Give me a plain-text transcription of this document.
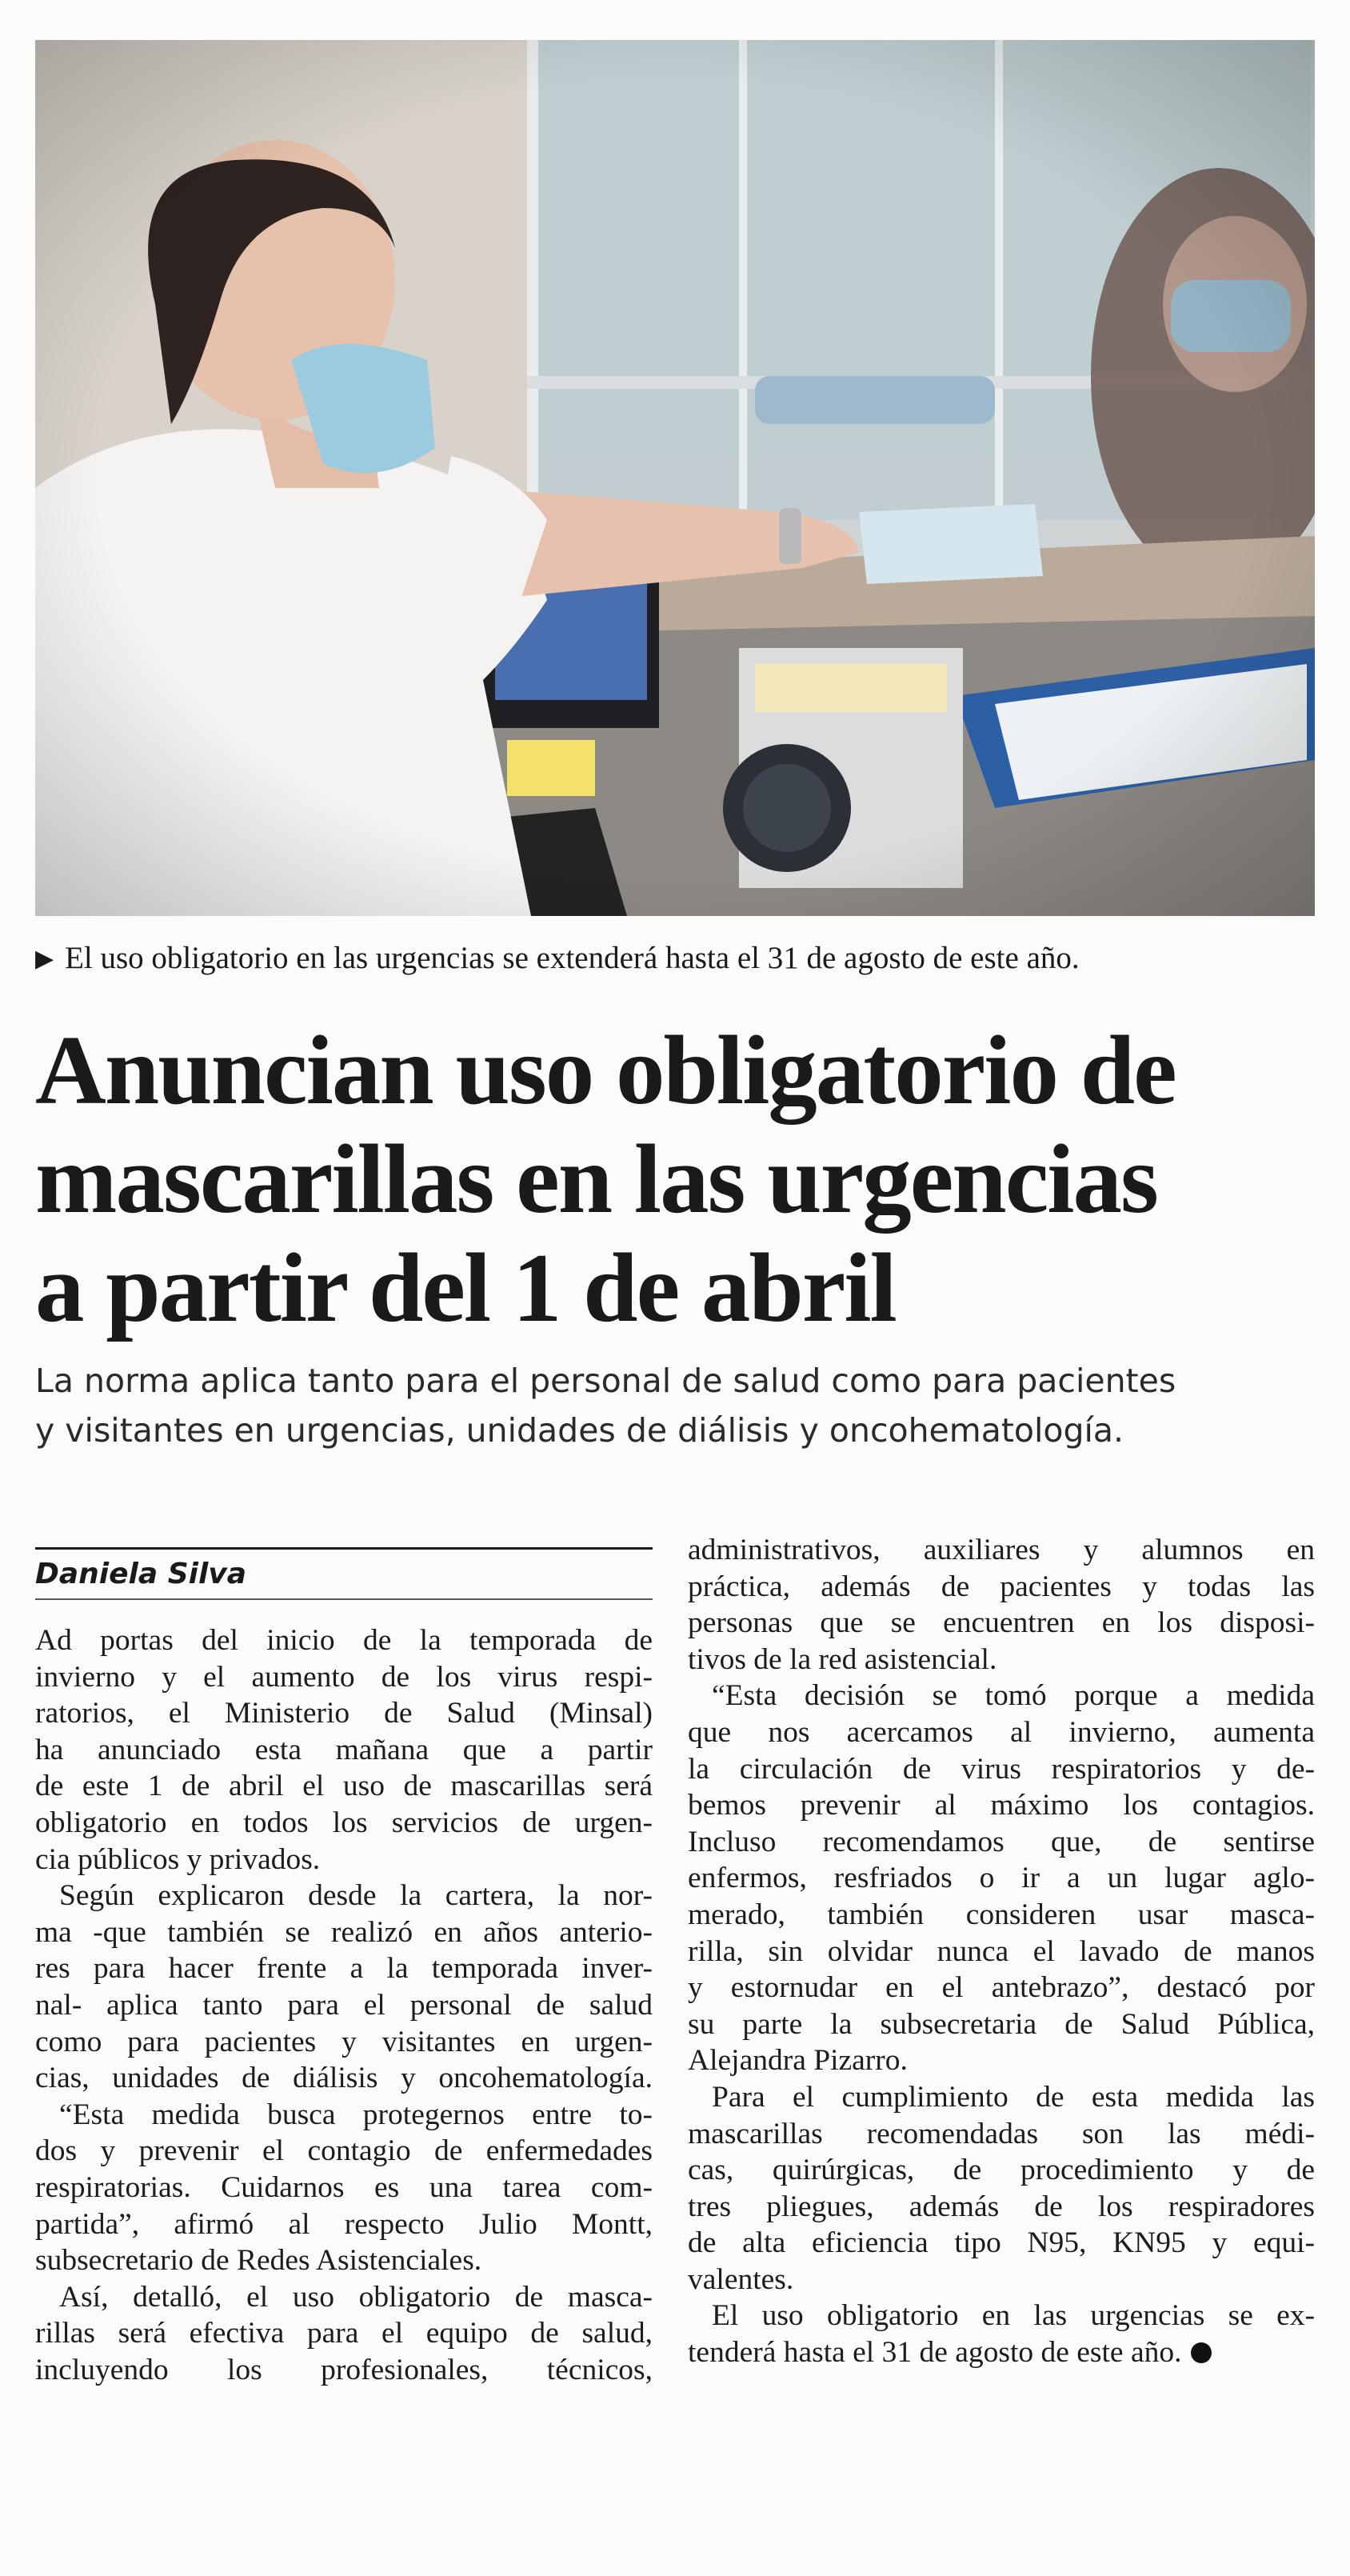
▶ El uso obligatorio en las urgencias se extenderá hasta el 31 de agosto de este año.
Anuncian uso obligatorio de
mascarillas en las urgencias
a partir del 1 de abril
La norma aplica tanto para el personal de salud como para pacientes
y visitantes en urgencias, unidades de diálisis y oncohematología.
Daniela Silva
Ad portas del inicio de la temporada de
invierno y el aumento de los virus respi-
ratorios, el Ministerio de Salud (Minsal)
ha anunciado esta mañana que a partir
de este 1 de abril el uso de mascarillas será
obligatorio en todos los servicios de urgen-
cia públicos y privados.
Según explicaron desde la cartera, la nor-
ma -que también se realizó en años anterio-
res para hacer frente a la temporada inver-
nal- aplica tanto para el personal de salud
como para pacientes y visitantes en urgen-
cias, unidades de diálisis y oncohematología.
“Esta medida busca protegernos entre to-
dos y prevenir el contagio de enfermedades
respiratorias. Cuidarnos es una tarea com-
partida”, afirmó al respecto Julio Montt,
subsecretario de Redes Asistenciales.
Así, detalló, el uso obligatorio de masca-
rillas será efectiva para el equipo de salud,
incluyendo los profesionales, técnicos,
administrativos, auxiliares y alumnos en
práctica, además de pacientes y todas las
personas que se encuentren en los disposi-
tivos de la red asistencial.
“Esta decisión se tomó porque a medida
que nos acercamos al invierno, aumenta
la circulación de virus respiratorios y de-
bemos prevenir al máximo los contagios.
Incluso recomendamos que, de sentirse
enfermos, resfriados o ir a un lugar aglo-
merado, también consideren usar masca-
rilla, sin olvidar nunca el lavado de manos
y estornudar en el antebrazo”, destacó por
su parte la subsecretaria de Salud Pública,
Alejandra Pizarro.
Para el cumplimiento de esta medida las
mascarillas recomendadas son las médi-
cas, quirúrgicas, de procedimiento y de
tres pliegues, además de los respiradores
de alta eficiencia tipo N95, KN95 y equi-
valentes.
El uso obligatorio en las urgencias se ex-
tenderá hasta el 31 de agosto de este año.
